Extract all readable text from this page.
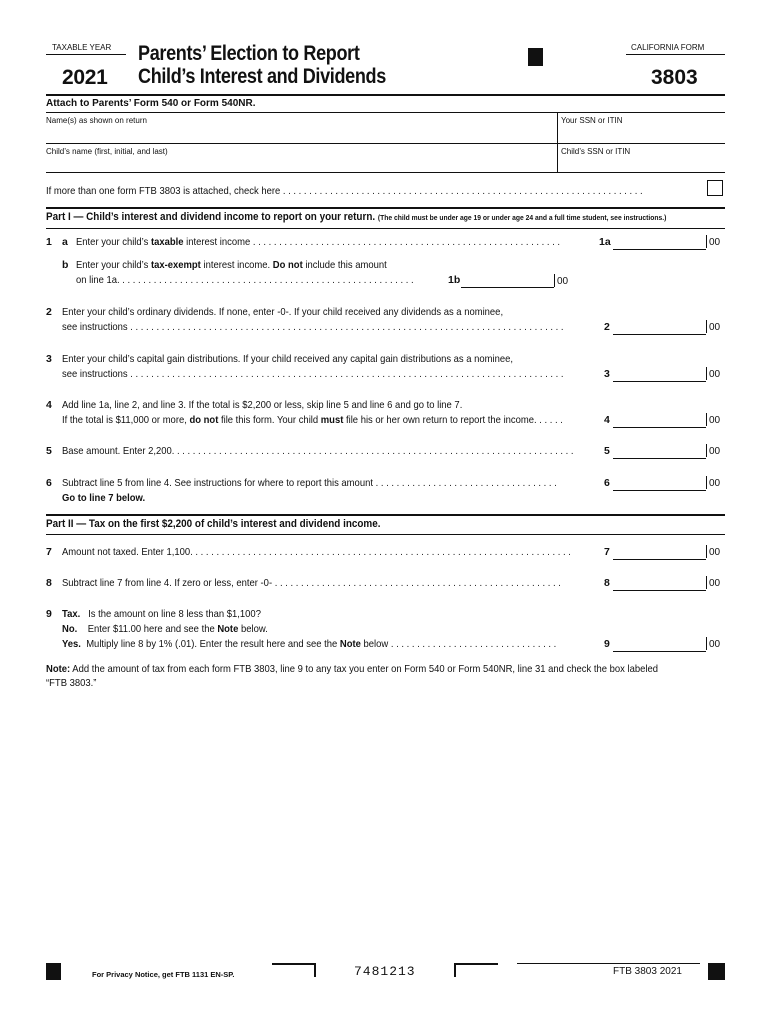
TAXABLE YEAR
2021
Parents’ Election to Report
Child’s Interest and Dividends
CALIFORNIA FORM
3803
Attach to Parents’ Form 540 or Form 540NR.
Name(s) as shown on return	Your SSN or ITIN
Child’s name (first, initial, and last)	Child’s SSN or ITIN
If more than one form FTB 3803 is attached, check here . . . . . . . . . . . . . . . . . . . . . . . . . . . . . . . . . . . . . . . . . . . . . . . . . . . . . . . . . . . . . . . . . . . . .
Part I — Child’s interest and dividend income to report on your return. (The child must be under age 19 or under age 24 and a full time student, see instructions.)
1 a Enter your child’s taxable interest income . . . . . . . . . . . . . . . . . . . . . . . . . . . . . . . . . . . . . . . . . . . . . . . . . . . . . . . . . . .	1a	00
b Enter your child’s tax-exempt interest income. Do not include this amount
on line 1a. . . . . . . . . . . . . . . . . . . . . . . . . . . . . . . . . . . . . . . . . . . . . . . . . . . . . . . . .	1b	00
2 Enter your child’s ordinary dividends. If none, enter -0-. If your child received any dividends as a nominee,
see instructions . . . . . . . . . . . . . . . . . . . . . . . . . . . . . . . . . . . . . . . . . . . . . . . . . . . . . . . . . . . . . . . . . . . . . . . . . . . . . . . . . . .	2	00
3 Enter your child’s capital gain distributions. If your child received any capital gain distributions as a nominee,
see instructions . . . . . . . . . . . . . . . . . . . . . . . . . . . . . . . . . . . . . . . . . . . . . . . . . . . . . . . . . . . . . . . . . . . . . . . . . . . . . . . . . . .	3	00
4 Add line 1a, line 2, and line 3. If the total is $2,200 or less, skip line 5 and line 6 and go to line 7.
If the total is $11,000 or more, do not file this form. Your child must file his or her own return to report the income. . . . . .	4	00
5 Base amount. Enter 2,200. . . . . . . . . . . . . . . . . . . . . . . . . . . . . . . . . . . . . . . . . . . . . . . . . . . . . . . . . . . . . . . . . . . . . . . . . . . . .	5	00
6 Subtract line 5 from line 4. See instructions for where to report this amount . . . . . . . . . . . . . . . . . . . . . . . . . . . . . . . . . . .
Go to line 7 below.
6	00
Part II — Tax on the first $2,200 of child’s interest and dividend income.
7 Amount not taxed. Enter 1,100. . . . . . . . . . . . . . . . . . . . . . . . . . . . . . . . . . . . . . . . . . . . . . . . . . . . . . . . . . . . . . . . . . . . . . . . .	7	00
8 Subtract line 7 from line 4. If zero or less, enter -0- . . . . . . . . . . . . . . . . . . . . . . . . . . . . . . . . . . . . . . . . . . . . . . . . . . . . . . .	8	00
9 Tax. Is the amount on line 8 less than $1,100?
No. Enter $11.00 here and see the Note below.
Yes. Multiply line 8 by 1% (.01). Enter the result here and see the Note below . . . . . . . . . . . . . . . . . . . . . . . . . . . . . . . .	9	00
Note: Add the amount of tax from each form FTB 3803, line 9 to any tax you enter on Form 540 or Form 540NR, line 31 and check the box labeled
“FTB 3803.”
For Privacy Notice, get FTB 1131 EN-SP.	7481213	FTB 3803 2021
